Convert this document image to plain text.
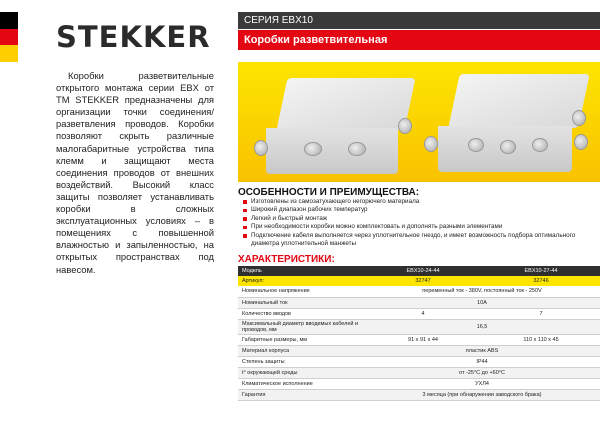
STEKKER	СЕРИЯ EBX10
Коробки разветвительная
Коробки разветвительные открытого монтажа серии EBX от ТМ STEKKER предназначены для организации точки соединения/разветвления проводов. Коробки позволяют скрыть различные малогабаритные устройства типа клемм и защищают места соединения проводов от внешних воздействий. Высокий класс защиты позволяет устанавливать коробки в сложных эксплуатационных условиях – в помещениях с повышенной влажностью и запыленностью, на открытых пространствах под навесом.
ОСОБЕННОСТИ И ПРЕИМУЩЕСТВА:
Изготовлены из самозатухающего негорючего материала
Широкий диапазон рабочих температур
Легкий и быстрый монтаж
При необходимости коробки можно комплектовать и дополнять разными элементами
Подключение кабеля выполняется через уплотнительное гнездо, и имеет возможность подбора оптимального диаметра уплотнительной манжеты
ХАРАКТЕРИСТИКИ:
Модель	EBX10-24-44	EBX10-27-44
Артикул:	32747	32746
Номинальное напряжение	переменный ток - 380V, постоянный ток - 250V	
Номинальный ток	10A	
Количество вводов	4	7
Максимальный диаметр вводимых кабелей и проводов, мм	16,5	
Габаритные размеры, мм	91 x 91 x 44	110 x 110 x 45
Материал корпуса	пластик ABS	
Степень защиты	IP44	
t° окружающей среды	от -25°С до +60°С	
Климатическое исполнение	УХЛ4	
Гарантия	3 месяца (при обнаружении заводского брака)	
